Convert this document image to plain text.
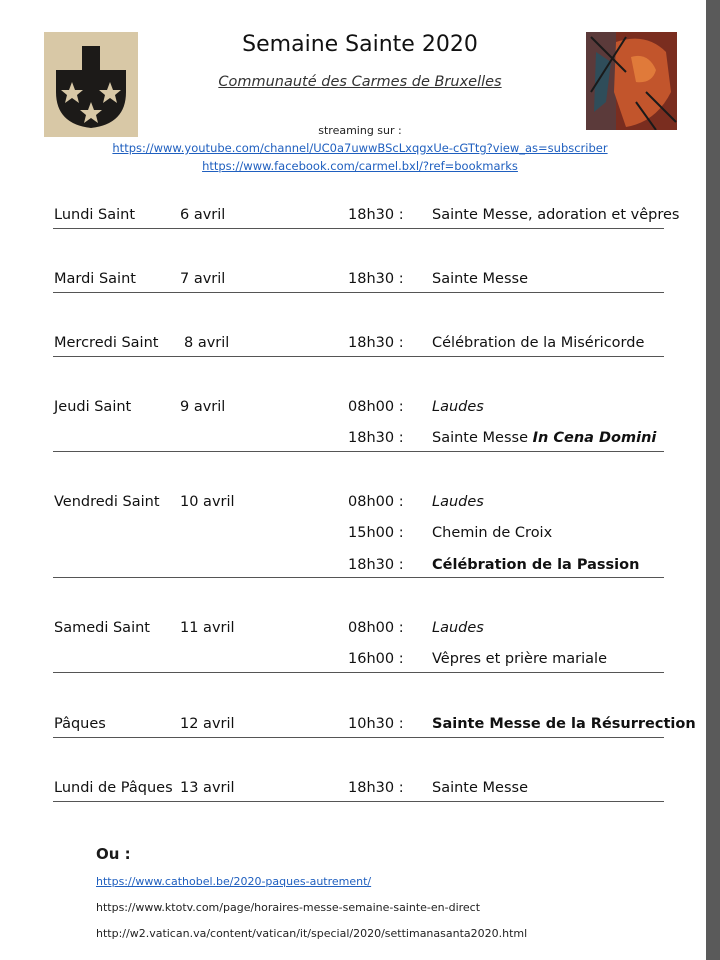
Semaine Sainte 2020
Communauté des Carmes de Bruxelles
streaming sur :
https://www.youtube.com/channel/UC0a7uwwBScLxqgxUe-cGTtg?view_as=subscriber
https://www.facebook.com/carmel.bxl/?ref=bookmarks
Lundi Saint	6 avril	18h30 : Sainte Messe, adoration et vêpres
Mardi Saint	7 avril	18h30 : Sainte Messe
Mercredi Saint 8 avril	18h30 : Célébration de la Miséricorde
Jeudi Saint	9 avril	08h00 : Laudes
18h30 : Sainte Messe In Cena Domini
Vendredi Saint 10 avril	08h00 : Laudes
15h00 : Chemin de Croix
18h30 : Célébration de la Passion
Samedi Saint 11 avril	08h00 : Laudes
16h00 : Vêpres et prière mariale
Pâques	12 avril	10h30 : Sainte Messe de la Résurrection
Lundi de Pâques 13 avril	18h30 : Sainte Messe
Ou :
https://www.cathobel.be/2020-paques-autrement/
https://www.ktotv.com/page/horaires-messe-semaine-sainte-en-direct
http://w2.vatican.va/content/vatican/it/special/2020/settimanasanta2020.html
